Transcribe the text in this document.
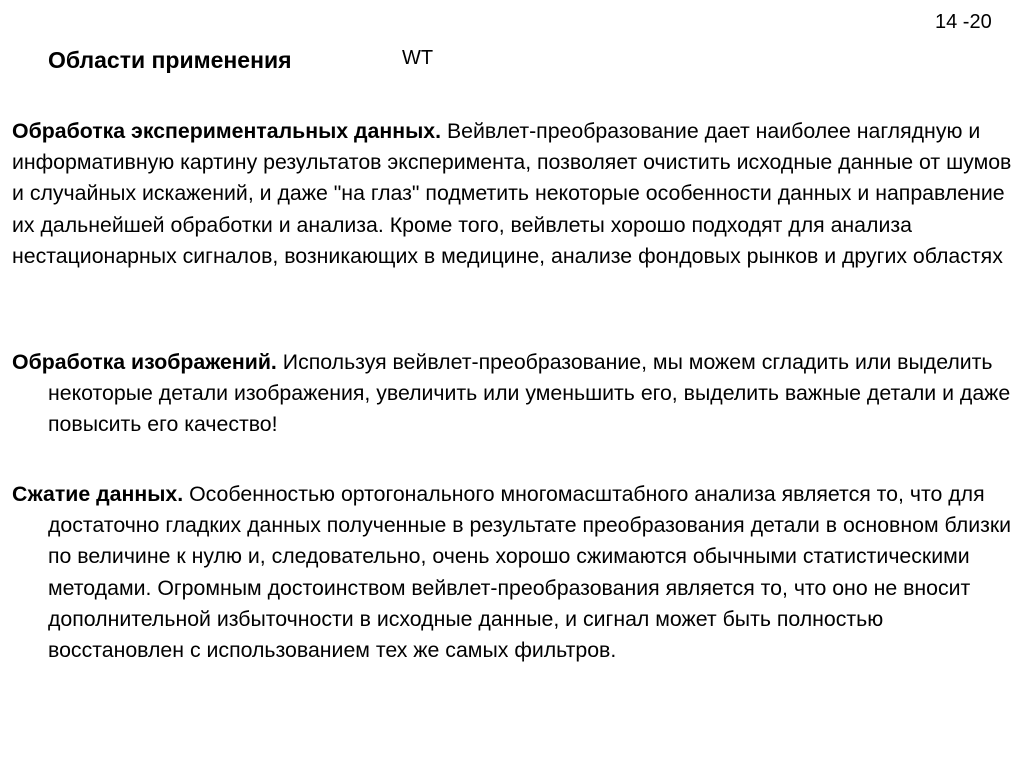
14 -20
Области применения	WT

Обработка экспериментальных данных. Вейвлет-преобразование дает наиболее наглядную и информативную картину результатов эксперимента, позволяет очистить исходные данные от шумов и случайных искажений, и даже "на глаз" подметить некоторые особенности данных и направление их дальнейшей обработки и анализа. Кроме того, вейвлеты хорошо подходят для анализа нестационарных сигналов, возникающих в медицине, анализе фондовых рынков и других областях

Обработка изображений. Используя вейвлет-преобразование, мы можем сгладить или выделить некоторые детали изображения, увеличить или уменьшить его, выделить важные детали и даже повысить его качество!

Сжатие данных. Особенностью ортогонального многомасштабного анализа является то, что для достаточно гладких данных полученные в результате преобразования детали в основном близки по величине к нулю и, следовательно, очень хорошо сжимаются обычными статистическими методами. Огромным достоинством вейвлет-преобразования является то, что оно не вносит дополнительной избыточности в исходные данные, и сигнал может быть полностью восстановлен с использованием тех же самых фильтров.
